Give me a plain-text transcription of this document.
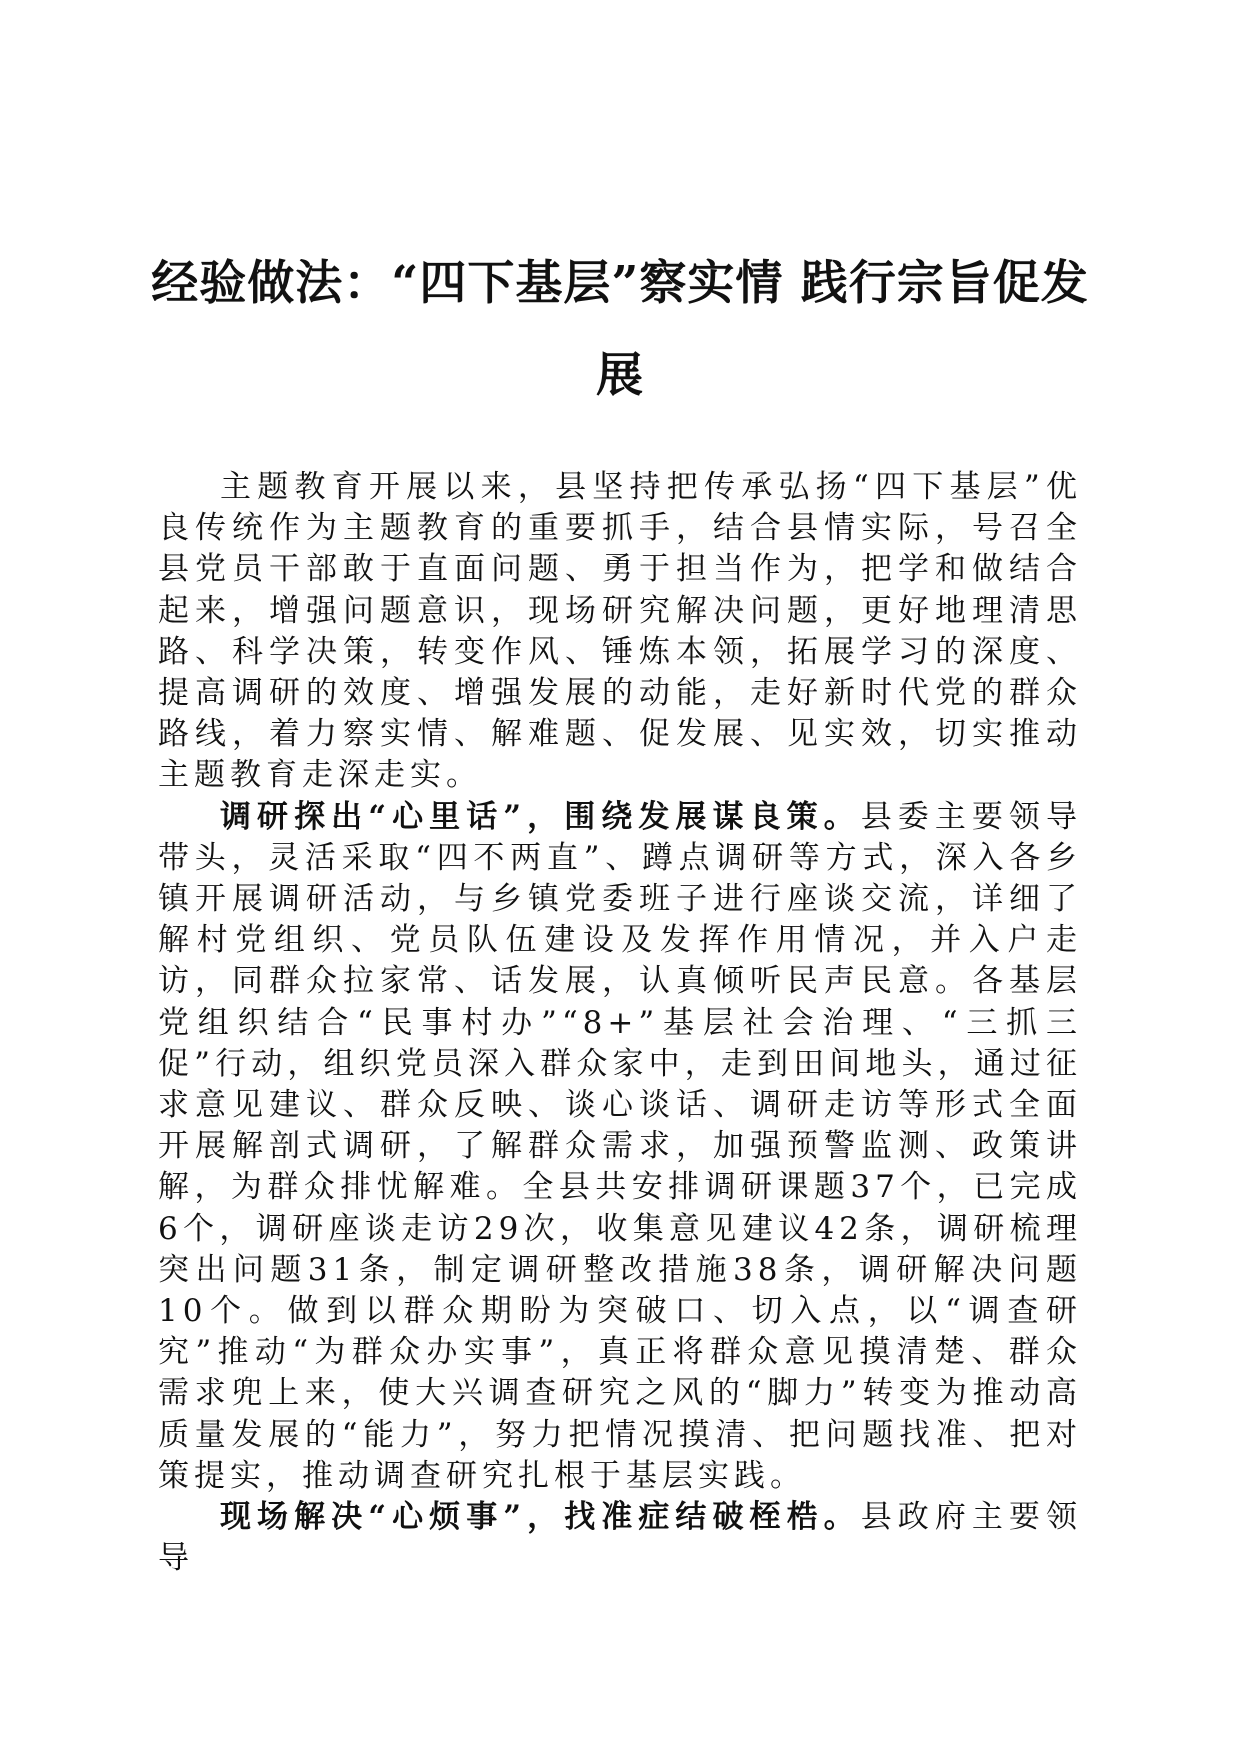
经验做法：“四下基层”察实情 践行宗旨促发展

主题教育开展以来，县坚持把传承弘扬“四下基层”优良传统作为主题教育的重要抓手，结合县情实际，号召全县党员干部敢于直面问题、勇于担当作为，把学和做结合起来，增强问题意识，现场研究解决问题，更好地理清思路、科学决策，转变作风、锤炼本领，拓展学习的深度、提高调研的效度、增强发展的动能，走好新时代党的群众路线，着力察实情、解难题、促发展、见实效，切实推动主题教育走深走实。

调研探出“心里话”，围绕发展谋良策。县委主要领导带头，灵活采取“四不两直”、蹲点调研等方式，深入各乡镇开展调研活动，与乡镇党委班子进行座谈交流，详细了解村党组织、党员队伍建设及发挥作用情况，并入户走访，同群众拉家常、话发展，认真倾听民声民意。各基层党组织结合“民事村办”“8+”基层社会治理、“三抓三促”行动，组织党员深入群众家中，走到田间地头，通过征求意见建议、群众反映、谈心谈话、调研走访等形式全面开展解剖式调研，了解群众需求，加强预警监测、政策讲解，为群众排忧解难。全县共安排调研课题37个，已完成6个，调研座谈走访29次，收集意见建议42条，调研梳理突出问题31条，制定调研整改措施38条，调研解决问题10个。做到以群众期盼为突破口、切入点，以“调查研究”推动“为群众办实事”，真正将群众意见摸清楚、群众需求兜上来，使大兴调查研究之风的“脚力”转变为推动高质量发展的“能力”，努力把情况摸清、把问题找准、把对策提实，推动调查研究扎根于基层实践。

现场解决“心烦事”，找准症结破桎梏。县政府主要领导
